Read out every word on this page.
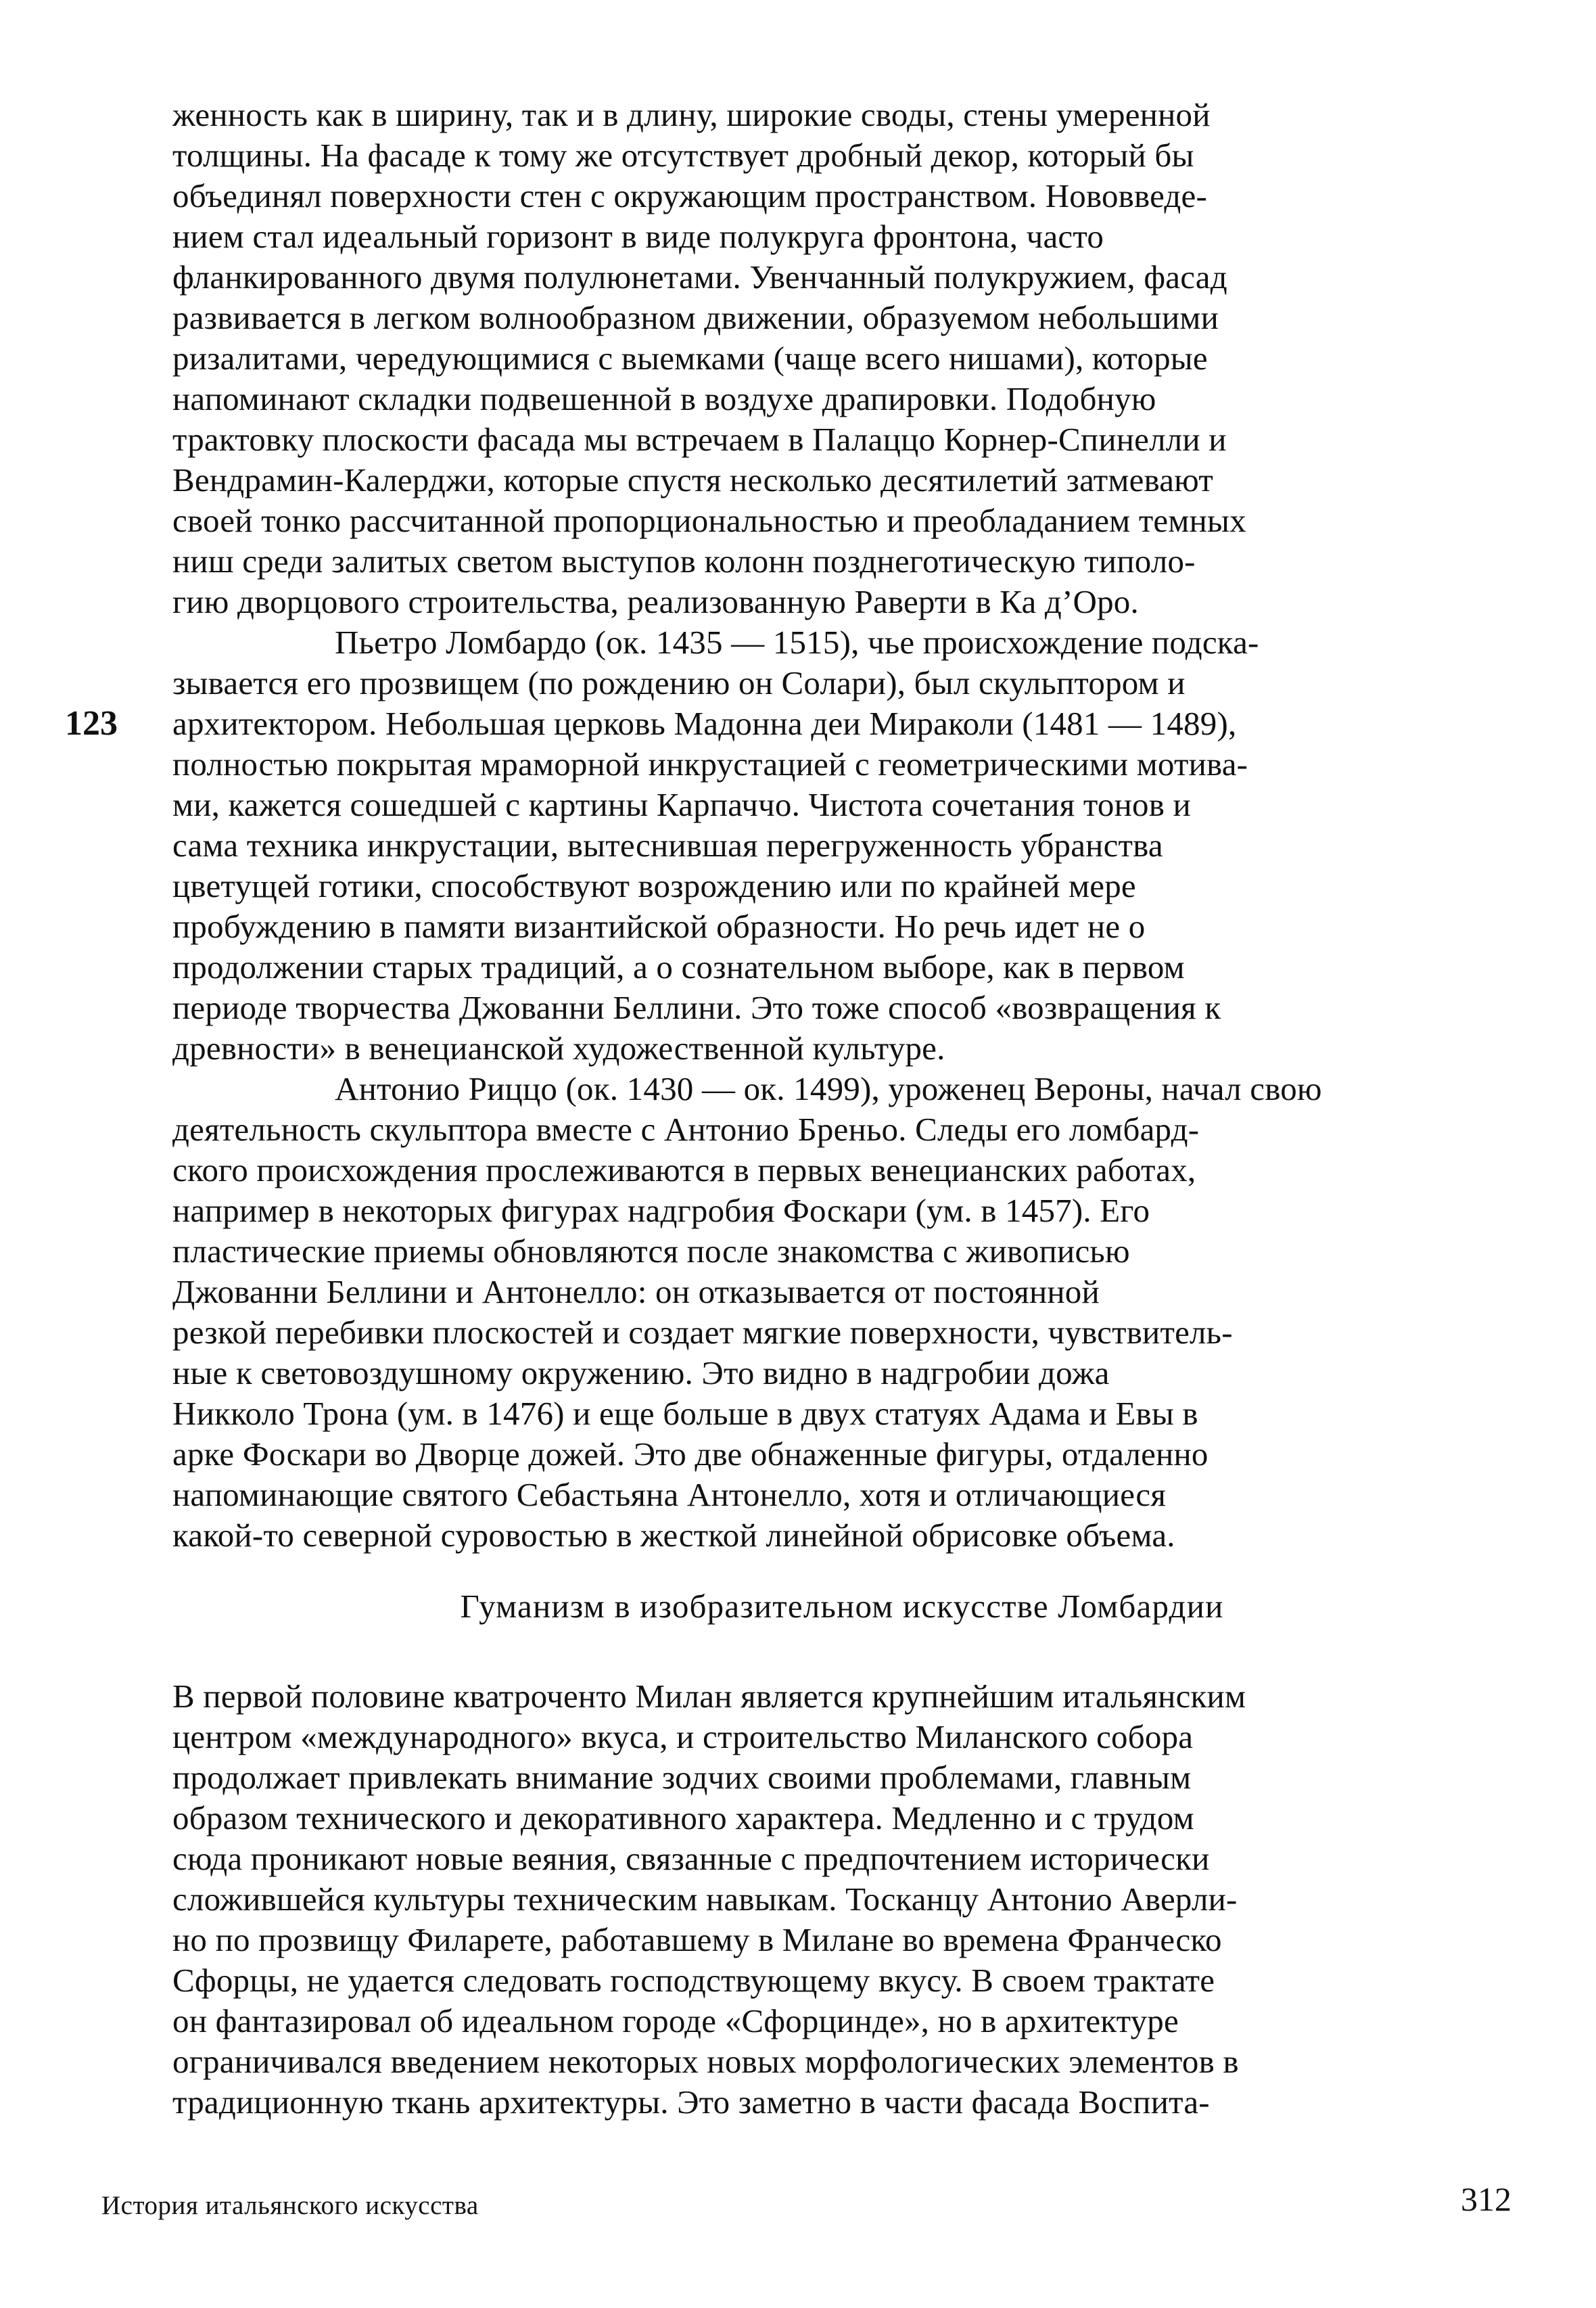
женность как в ширину, так и в длину, широкие своды, стены умеренной
толщины. На фасаде к тому же отсутствует дробный декор, который бы
объединял поверхности стен с окружающим пространством. Нововведе-
нием стал идеальный горизонт в виде полукруга фронтона, часто
фланкированного двумя полулюнетами. Увенчанный полукружием, фасад
развивается в легком волнообразном движении, образуемом небольшими
ризалитами, чередующимися с выемками (чаще всего нишами), которые
напоминают складки подвешенной в воздухе драпировки. Подобную
трактовку плоскости фасада мы встречаем в Палаццо Корнер-Спинелли и
Вендрамин-Калерджи, которые спустя несколько десятилетий затмевают
своей тонко рассчитанной пропорциональностью и преобладанием темных
ниш среди залитых светом выступов колонн позднеготическую типоло-
гию дворцового строительства, реализованную Раверти в Ка д’Оро.
Пьетро Ломбардо (ок. 1435 — 1515), чье происхождение подска-
зывается его прозвищем (по рождению он Солари), был скульптором и
архитектором. Небольшая церковь Мадонна деи Мираколи (1481 — 1489),
полностью покрытая мраморной инкрустацией с геометрическими мотива-
ми, кажется сошедшей с картины Карпаччо. Чистота сочетания тонов и
сама техника инкрустации, вытеснившая перегруженность убранства
цветущей готики, способствуют возрождению или по крайней мере
пробуждению в памяти византийской образности. Но речь идет не о
продолжении старых традиций, а о сознательном выборе, как в первом
периоде творчества Джованни Беллини. Это тоже способ «возвращения к
древности» в венецианской художественной культуре.
Антонио Риццо (ок. 1430 — ок. 1499), уроженец Вероны, начал свою
деятельность скульптора вместе с Антонио Бреньо. Следы его ломбард-
ского происхождения прослеживаются в первых венецианских работах,
например в некоторых фигурах надгробия Фоскари (ум. в 1457). Его
пластические приемы обновляются после знакомства с живописью
Джованни Беллини и Антонелло: он отказывается от постоянной
резкой перебивки плоскостей и создает мягкие поверхности, чувствитель-
ные к световоздушному окружению. Это видно в надгробии дожа
Никколо Трона (ум. в 1476) и еще больше в двух статуях Адама и Евы в
арке Фоскари во Дворце дожей. Это две обнаженные фигуры, отдаленно
напоминающие святого Себастьяна Антонелло, хотя и отличающиеся
какой-то северной суровостью в жесткой линейной обрисовке объема.
123
Гуманизм в изобразительном искусстве Ломбардии
В первой половине кватроченто Милан является крупнейшим итальянским
центром «международного» вкуса, и строительство Миланского собора
продолжает привлекать внимание зодчих своими проблемами, главным
образом технического и декоративного характера. Медленно и с трудом
сюда проникают новые веяния, связанные с предпочтением исторически
сложившейся культуры техническим навыкам. Тосканцу Антонио Аверли-
но по прозвищу Филарете, работавшему в Милане во времена Франческо
Сфорцы, не удается следовать господствующему вкусу. В своем трактате
он фантазировал об идеальном городе «Сфорцинде», но в архитектуре
ограничивался введением некоторых новых морфологических элементов в
традиционную ткань архитектуры. Это заметно в части фасада Воспита-
История итальянского искусства	312
